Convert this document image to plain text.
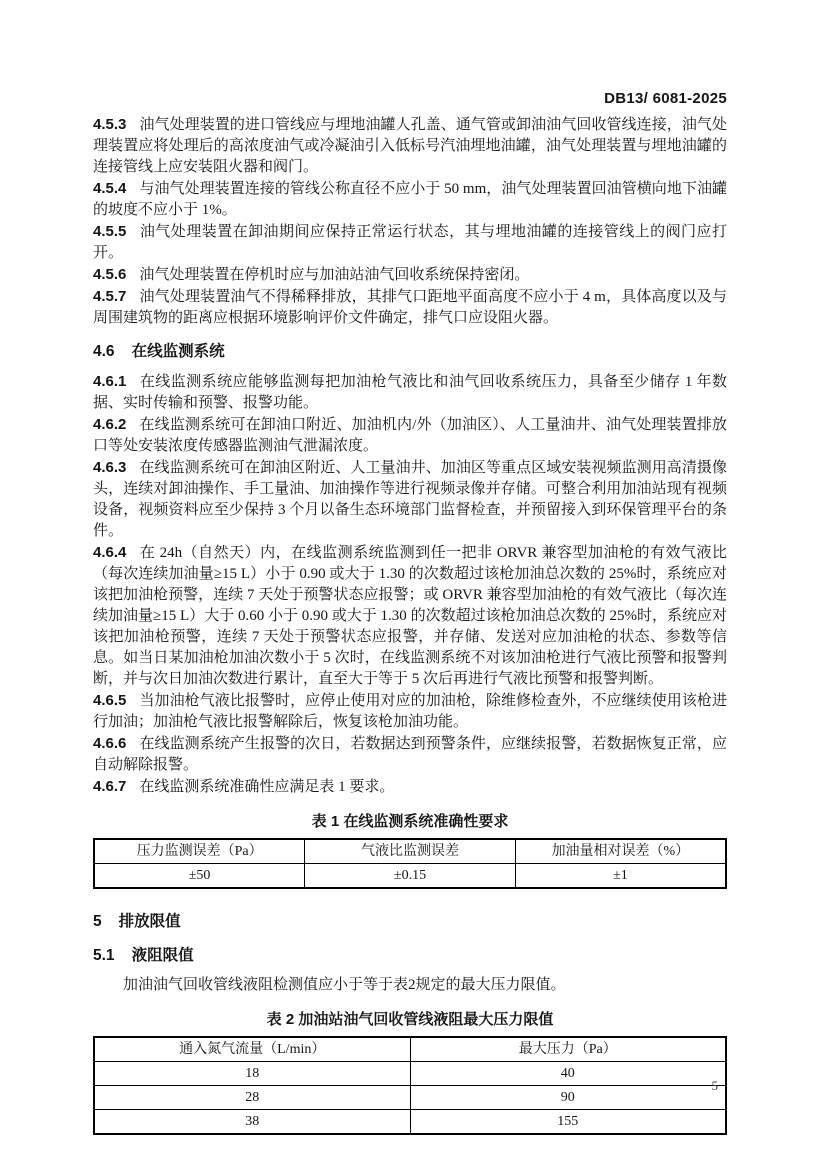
DB13/ 6081-2025

4.5.3 油气处理装置的进口管线应与埋地油罐人孔盖、通气管或卸油油气回收管线连接，油气处理装置应将处理后的高浓度油气或冷凝油引入低标号汽油埋地油罐，油气处理装置与埋地油罐的连接管线上应安装阻火器和阀门。

4.5.4 与油气处理装置连接的管线公称直径不应小于 50 mm，油气处理装置回油管横向地下油罐的坡度不应小于 1%。

4.5.5 油气处理装置在卸油期间应保持正常运行状态，其与埋地油罐的连接管线上的阀门应打开。

4.5.6 油气处理装置在停机时应与加油站油气回收系统保持密闭。

4.5.7 油气处理装置油气不得稀释排放，其排气口距地平面高度不应小于 4 m，具体高度以及与周围建筑物的距离应根据环境影响评价文件确定，排气口应设阻火器。

4.6 在线监测系统

4.6.1 在线监测系统应能够监测每把加油枪气液比和油气回收系统压力，具备至少储存 1 年数据、实时传输和预警、报警功能。

4.6.2 在线监测系统可在卸油口附近、加油机内/外（加油区）、人工量油井、油气处理装置排放口等处安装浓度传感器监测油气泄漏浓度。

4.6.3 在线监测系统可在卸油区附近、人工量油井、加油区等重点区域安装视频监测用高清摄像头，连续对卸油操作、手工量油、加油操作等进行视频录像并存储。可整合利用加油站现有视频设备，视频资料应至少保持 3 个月以备生态环境部门监督检查，并预留接入到环保管理平台的条件。

4.6.4 在 24h（自然天）内，在线监测系统监测到任一把非 ORVR 兼容型加油枪的有效气液比（每次连续加油量≥15 L）小于 0.90 或大于 1.30 的次数超过该枪加油总次数的 25%时，系统应对该把加油枪预警，连续 7 天处于预警状态应报警；或 ORVR 兼容型加油枪的有效气液比（每次连续加油量≥15 L）大于 0.60 小于 0.90 或大于 1.30 的次数超过该枪加油总次数的 25%时，系统应对该把加油枪预警，连续 7 天处于预警状态应报警，并存储、发送对应加油枪的状态、参数等信息。如当日某加油枪加油次数小于 5 次时，在线监测系统不对该加油枪进行气液比预警和报警判断，并与次日加油次数进行累计，直至大于等于 5 次后再进行气液比预警和报警判断。

4.6.5 当加油枪气液比报警时，应停止使用对应的加油枪，除维修检查外，不应继续使用该枪进行加油；加油枪气液比报警解除后，恢复该枪加油功能。

4.6.6 在线监测系统产生报警的次日，若数据达到预警条件，应继续报警，若数据恢复正常，应自动解除报警。

4.6.7 在线监测系统准确性应满足表 1 要求。

表 1 在线监测系统准确性要求
压力监测误差（Pa）	气液比监测误差	加油量相对误差（%）
±50	±0.15	±1
5 排放限值
5.1 液阻限值

加油油气回收管线液阻检测值应小于等于表2规定的最大压力限值。

表 2 加油站油气回收管线液阻最大压力限值
通入氮气流量（L/min）	最大压力（Pa）
18	40
28	90
38	155
5
